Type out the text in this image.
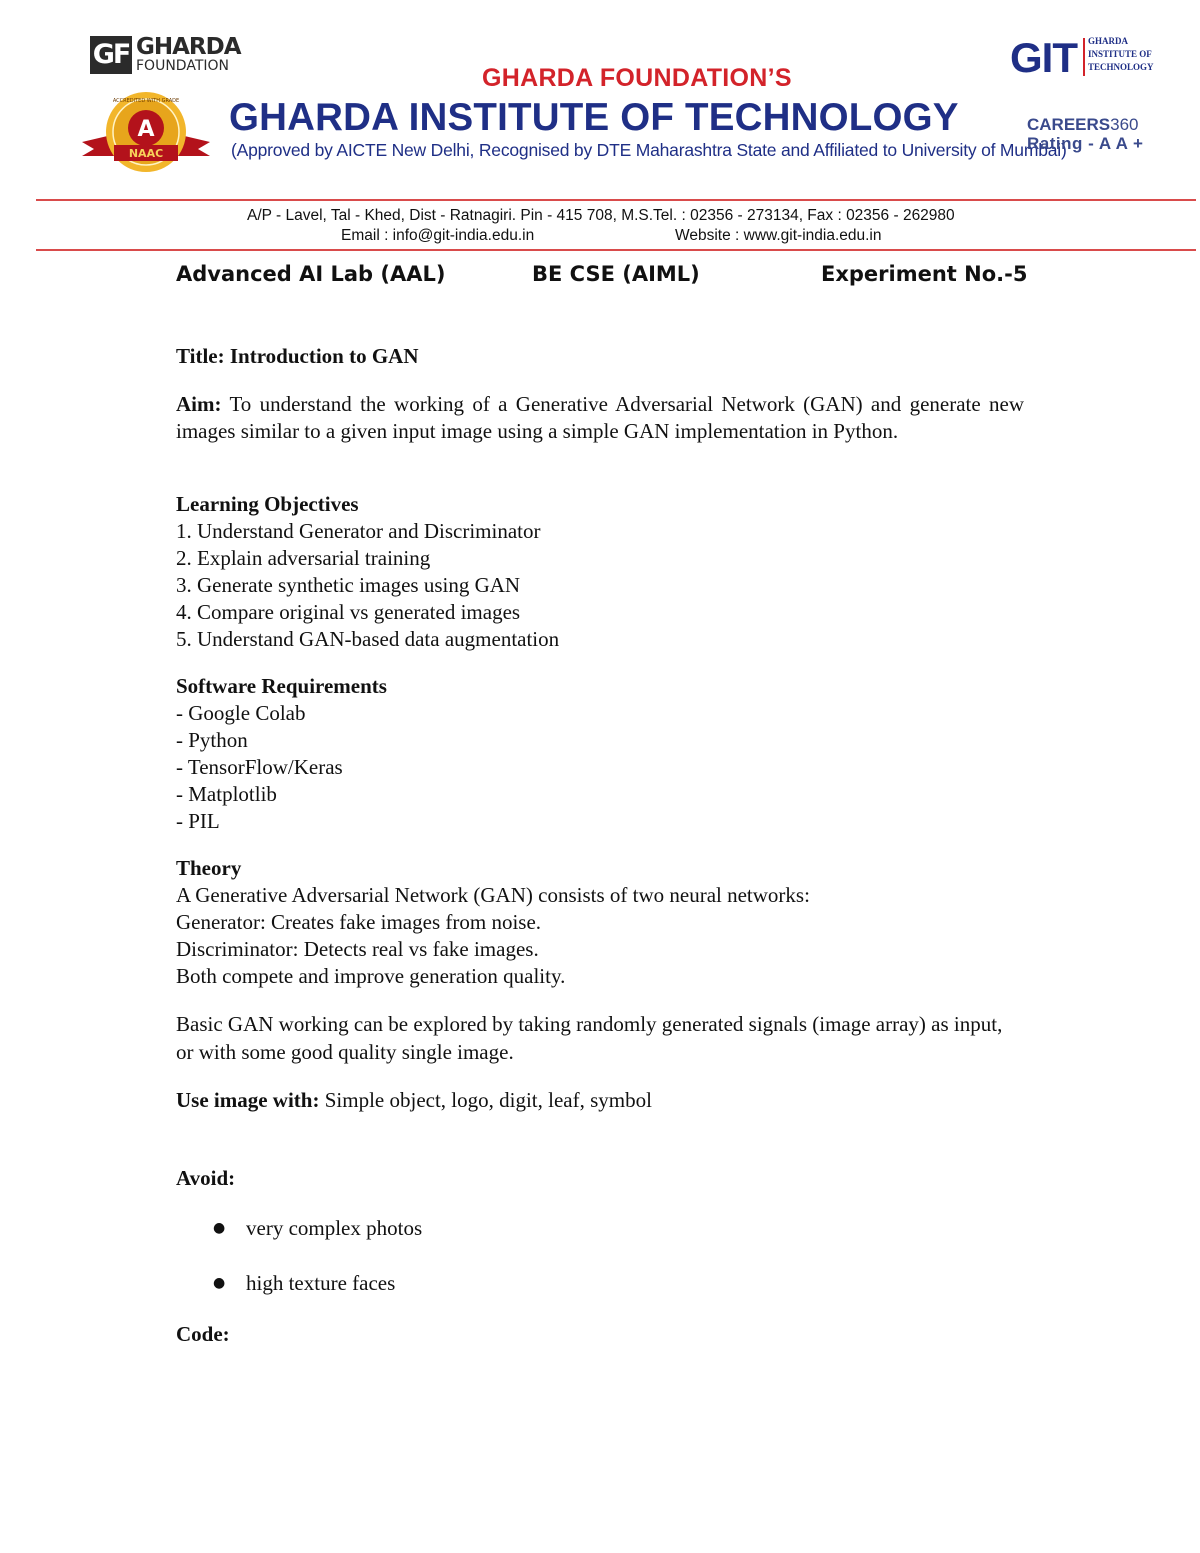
GF GHARDA
FOUNDATION
A
NAAC
ACCREDITED WITH GRADE
GHARDA FOUNDATION’S
GHARDA INSTITUTE OF TECHNOLOGY
(Approved by AICTE New Delhi, Recognised by DTE Maharashtra State and Affiliated to University of Mumbai)
GIT GHARDA
INSTITUTE OF
TECHNOLOGY
CAREERS360
Rating - A A +
A/P - Lavel, Tal - Khed, Dist - Ratnagiri. Pin - 415 708, M.S.Tel. : 02356 - 273134, Fax : 02356 - 262980
Email : info@git-india.edu.in	Website : www.git-india.edu.in
Advanced AI Lab (AAL)	BE CSE (AIML)	Experiment No.-5
Title: Introduction to GAN
Aim: To understand the working of a Generative Adversarial Network (GAN) and generate new images similar to a given input image using a simple GAN implementation in Python.
Learning Objectives
1. Understand Generator and Discriminator
2. Explain adversarial training
3. Generate synthetic images using GAN
4. Compare original vs generated images
5. Understand GAN-based data augmentation
Software Requirements
- Google Colab
- Python
- TensorFlow/Keras
- Matplotlib
- PIL
Theory
A Generative Adversarial Network (GAN) consists of two neural networks:
Generator: Creates fake images from noise.
Discriminator: Detects real vs fake images.
Both compete and improve generation quality.
Basic GAN working can be explored by taking randomly generated signals (image array) as input, or with some good quality single image.
Use image with: Simple object, logo, digit, leaf, symbol
Avoid:
● very complex photos
● high texture faces
Code:
